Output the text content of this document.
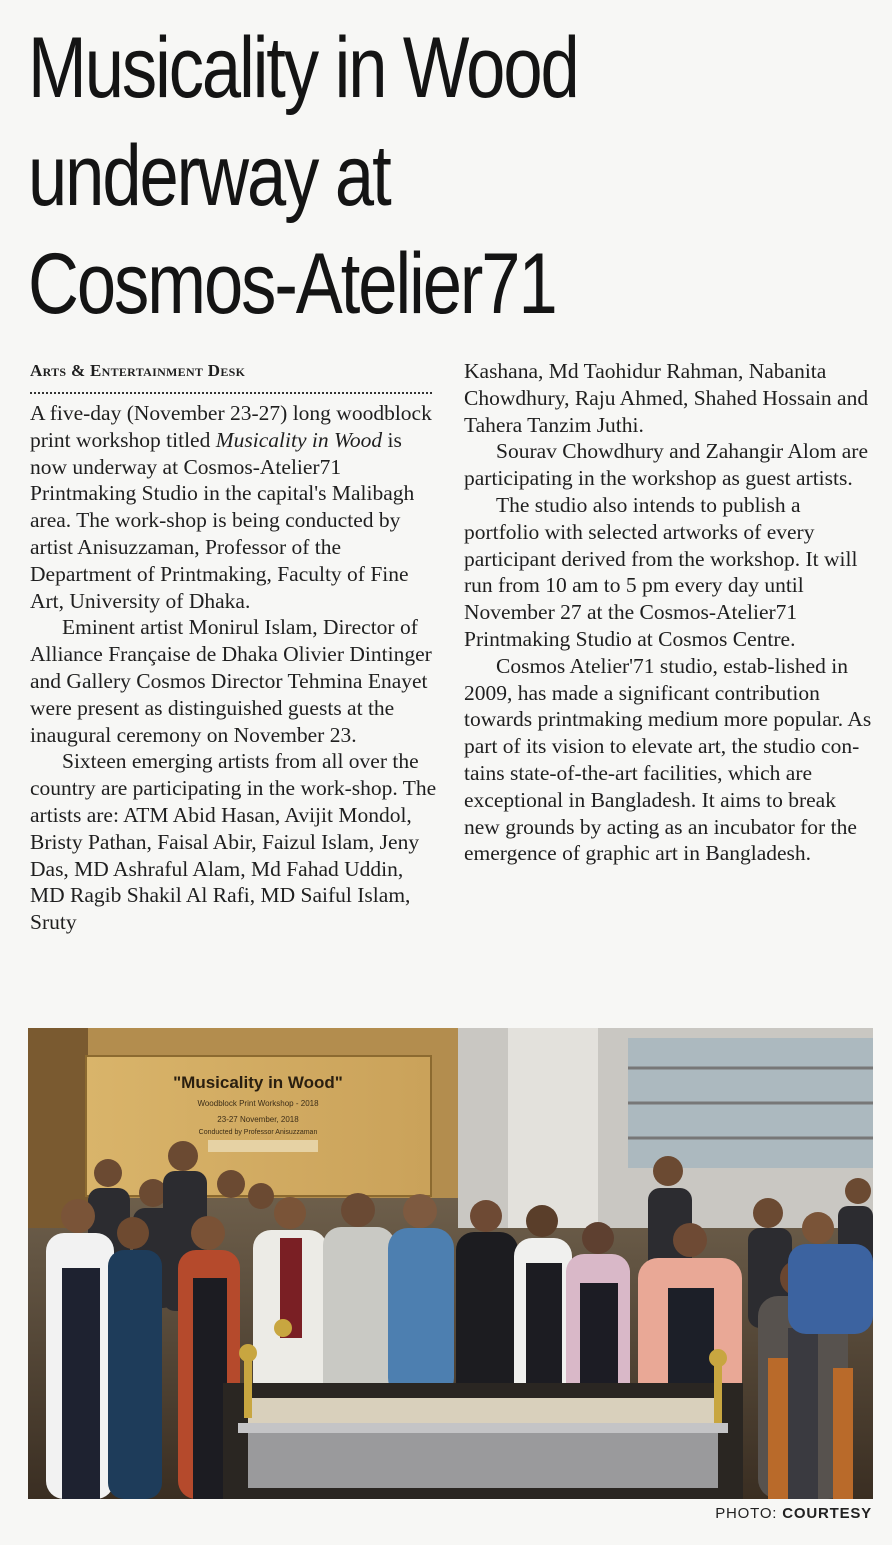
Musicality in Wood
underway at
Cosmos-Atelier71
Arts & Entertainment Desk

A five-day (November 23-27) long woodblock print workshop titled Musicality in Wood is now underway at Cosmos-Atelier71 Printmaking Studio in the capital's Malibagh area. The work-shop is being conducted by artist Anisuzzaman, Professor of the Department of Printmaking, Faculty of Fine Art, University of Dhaka.

Eminent artist Monirul Islam, Director of Alliance Française de Dhaka Olivier Dintinger and Gallery Cosmos Director Tehmina Enayet were present as distinguished guests at the inaugural ceremony on November 23.

Sixteen emerging artists from all over the country are participating in the work-shop. The artists are: ATM Abid Hasan, Avijit Mondol, Bristy Pathan, Faisal Abir, Faizul Islam, Jeny Das, MD Ashraful Alam, Md Fahad Uddin, MD Ragib Shakil Al Rafi, MD Saiful Islam, Sruty

Kashana, Md Taohidur Rahman, Nabanita Chowdhury, Raju Ahmed, Shahed Hossain and Tahera Tanzim Juthi.

Sourav Chowdhury and Zahangir Alom are participating in the workshop as guest artists.

The studio also intends to publish a portfolio with selected artworks of every participant derived from the workshop. It will run from 10 am to 5 pm every day until November 27 at the Cosmos-Atelier71 Printmaking Studio at Cosmos Centre.

Cosmos Atelier'71 studio, estab-lished in 2009, has made a significant contribution towards printmaking medium more popular. As part of its vision to elevate art, the studio con-tains state-of-the-art facilities, which are exceptional in Bangladesh. It aims to break new grounds by acting as an incubator for the emergence of graphic art in Bangladesh.

"Musicality in Wood"
Woodblock Print Workshop - 2018
23-27 November, 2018
Conducted by Professor Anisuzzaman
PHOTO: COURTESY
